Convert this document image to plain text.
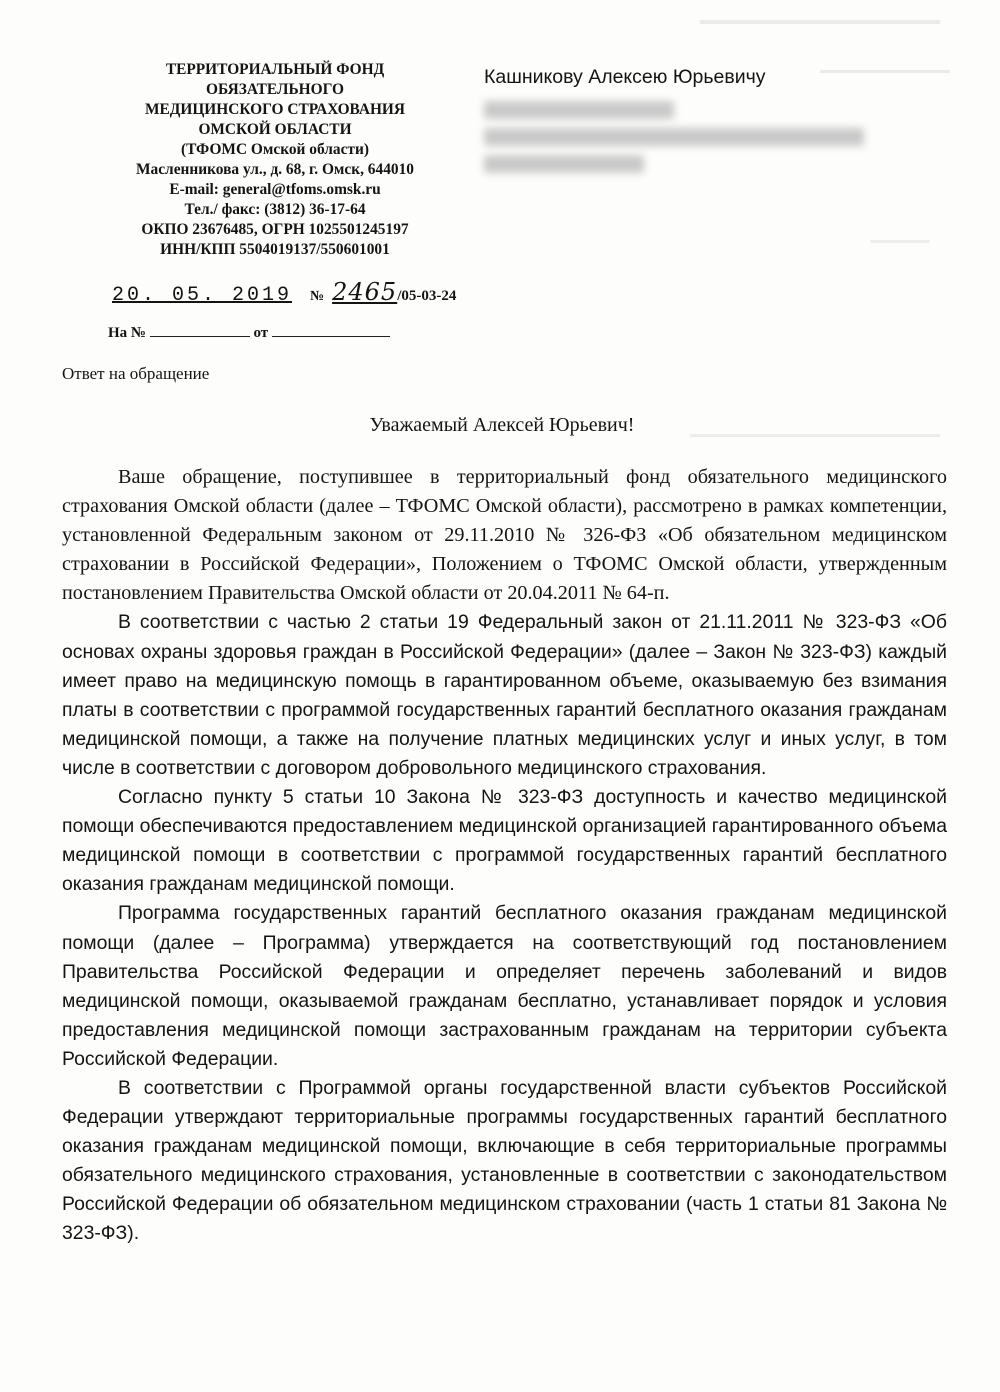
ТЕРРИТОРИАЛЬНЫЙ ФОНД
ОБЯЗАТЕЛЬНОГО
МЕДИЦИНСКОГО СТРАХОВАНИЯ
ОМСКОЙ ОБЛАСТИ
(ТФОМС Омской области)
Масленникова ул., д. 68, г. Омск, 644010
E-mail: general@tfoms.omsk.ru
Тел./ факс: (3812) 36-17-64
ОКПО 23676485, ОГРН 1025501245197
ИНН/КПП 5504019137/550601001
Кашникову Алексею Юрьевичу
20. 05. 2019 № 2465/05-03-24
На №	от
Ответ на обращение
Уважаемый Алексей Юрьевич!

Ваше обращение, поступившее в территориальный фонд обязательного медицинского страхования Омской области (далее – ТФОМС Омской области), рассмотрено в рамках компетенции, установленной Федеральным законом от 29.11.2010 № 326-ФЗ «Об обязательном медицинском страховании в Российской Федерации», Положением о ТФОМС Омской области, утвержденным постановлением Правительства Омской области от 20.04.2011 № 64-п.

В соответствии с частью 2 статьи 19 Федеральный закон от 21.11.2011 № 323-ФЗ «Об основах охраны здоровья граждан в Российской Федерации» (далее – Закон № 323-ФЗ) каждый имеет право на медицинскую помощь в гарантированном объеме, оказываемую без взимания платы в соответствии с программой государственных гарантий бесплатного оказания гражданам медицинской помощи, а также на получение платных медицинских услуг и иных услуг, в том числе в соответствии с договором добровольного медицинского страхования.

Согласно пункту 5 статьи 10 Закона № 323-ФЗ доступность и качество медицинской помощи обеспечиваются предоставлением медицинской организацией гарантированного объема медицинской помощи в соответствии с программой государственных гарантий бесплатного оказания гражданам медицинской помощи.

Программа государственных гарантий бесплатного оказания гражданам медицинской помощи (далее – Программа) утверждается на соответствующий год постановлением Правительства Российской Федерации и определяет перечень заболеваний и видов медицинской помощи, оказываемой гражданам бесплатно, устанавливает порядок и условия предоставления медицинской помощи застрахованным гражданам на территории субъекта Российской Федерации.

В соответствии с Программой органы государственной власти субъектов Российской Федерации утверждают территориальные программы государственных гарантий бесплатного оказания гражданам медицинской помощи, включающие в себя территориальные программы обязательного медицинского страхования, установленные в соответствии с законодательством Российской Федерации об обязательном медицинском страховании (часть 1 статьи 81 Закона № 323-ФЗ).
